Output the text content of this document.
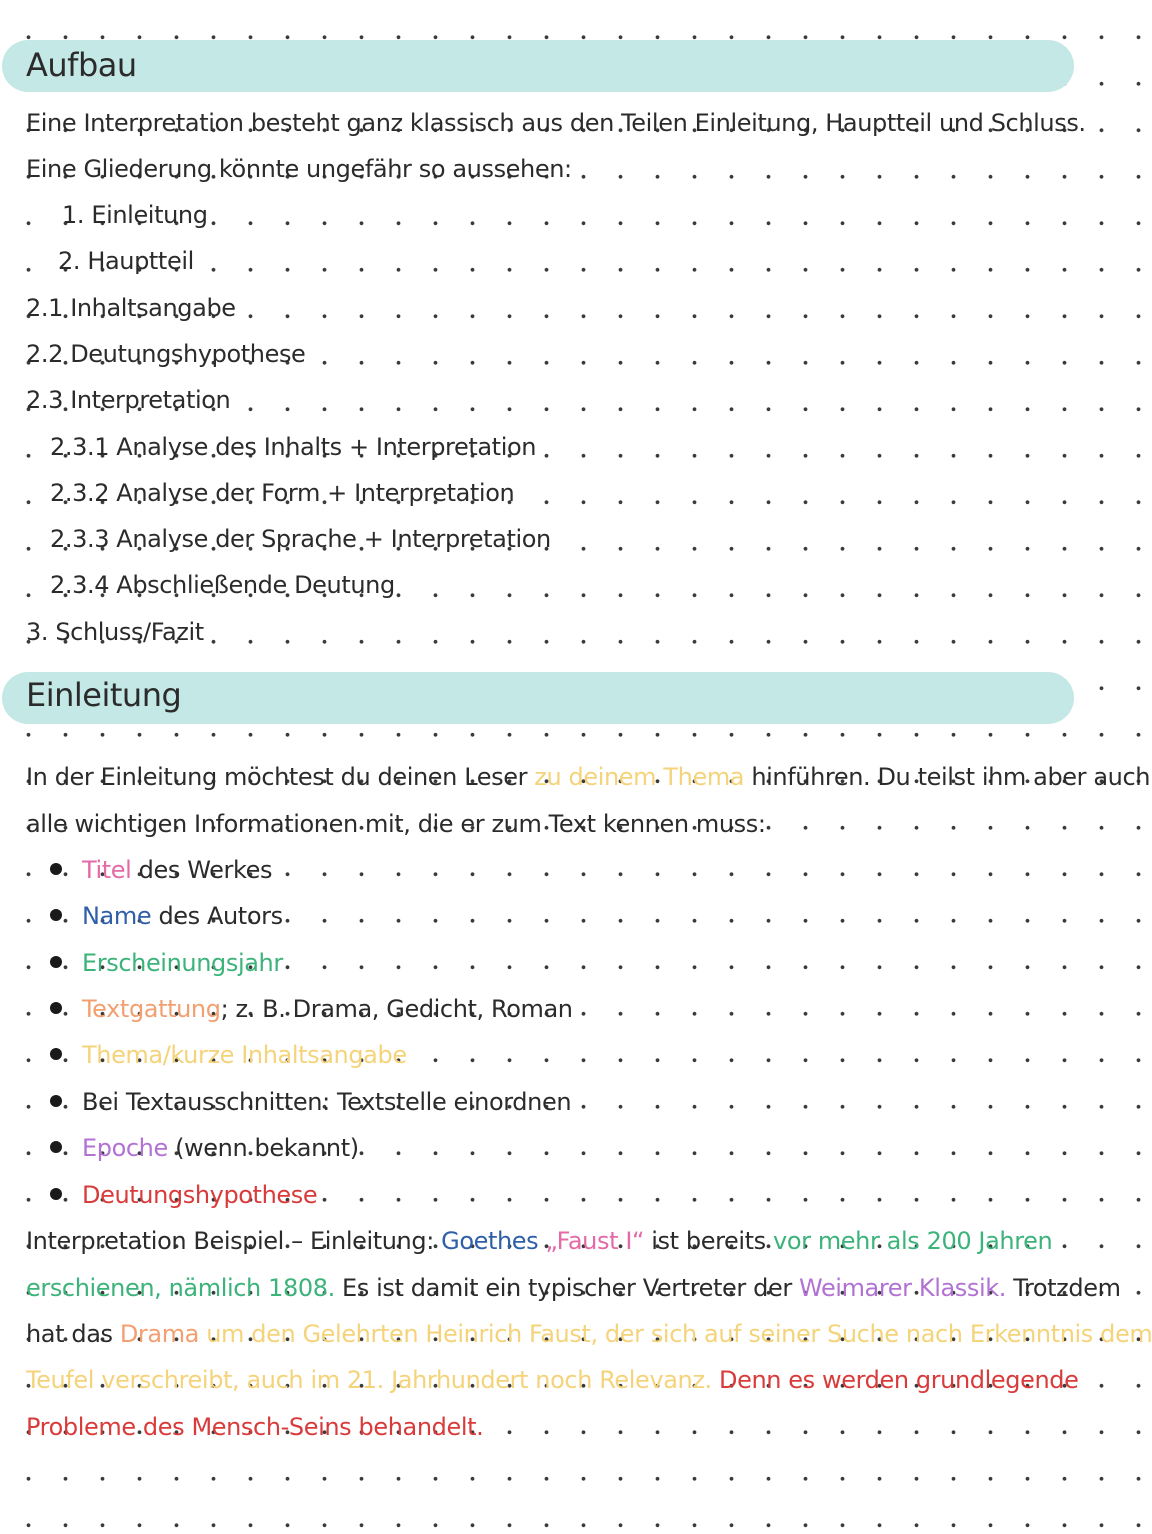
Aufbau
Eine Interpretation besteht ganz klassisch aus den Teilen Einleitung, Hauptteil und Schluss.
Eine Gliederung könnte ungefähr so aussehen:
1. Einleitung
2. Hauptteil
2.1 Inhaltsangabe
2.2 Deutungshypothese
2.3 Interpretation
2.3.1 Analyse des Inhalts + Interpretation
2.3.2 Analyse der Form + Interpretation
2.3.3 Analyse der Sprache + Interpretation
2.3.4 Abschließende Deutung
3. Schluss/Fazit
Einleitung
In der Einleitung möchtest du deinen Leser zu deinem Thema hinführen. Du teilst ihm aber auch
alle wichtigen Informationen mit, die er zum Text kennen muss:
Titel des Werkes
Name des Autors
Erscheinungsjahr
Textgattung; z. B. Drama, Gedicht, Roman
Thema/kurze Inhaltsangabe
Bei Textausschnitten: Textstelle einordnen
Epoche (wenn bekannt)
Deutungshypothese
Interpretation Beispiel – Einleitung: Goethes „Faust I“ ist bereits vor mehr als 200 Jahren
erschienen, nämlich 1808. Es ist damit ein typischer Vertreter der Weimarer Klassik. Trotzdem
hat das Drama um den Gelehrten Heinrich Faust, der sich auf seiner Suche nach Erkenntnis dem
Teufel verschreibt, auch im 21. Jahrhundert noch Relevanz. Denn es werden grundlegende
Probleme des Mensch-Seins behandelt.
